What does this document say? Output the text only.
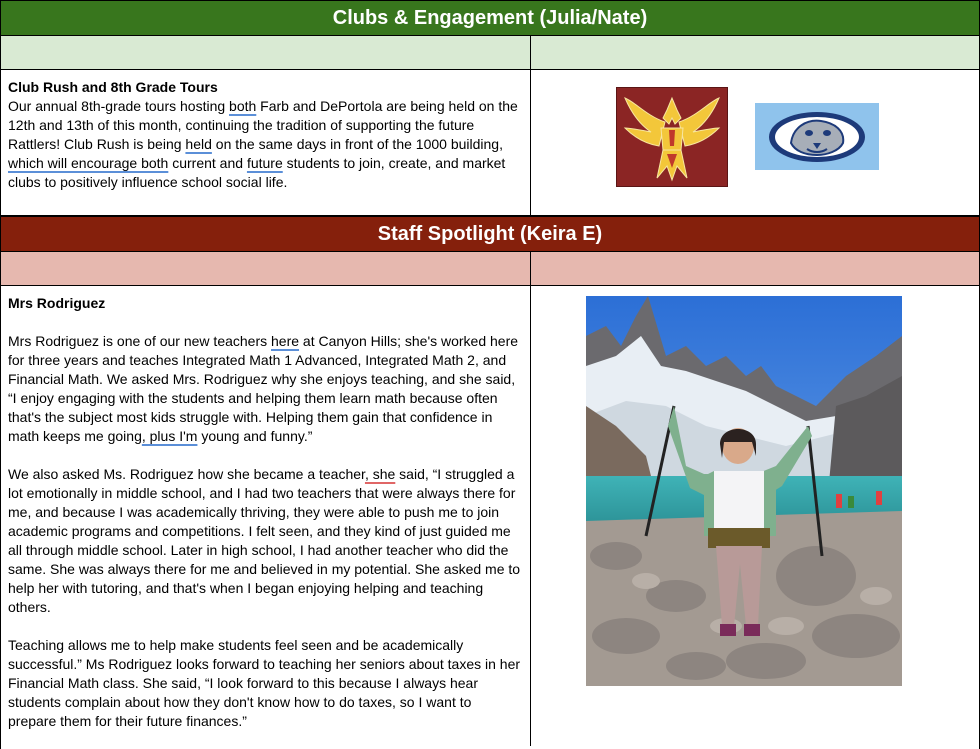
Clubs & Engagement (Julia/Nate)
Club Rush and 8th Grade Tours

Our annual 8th-grade tours hosting both Farb and DePortola are being held on the 12th and 13th of this month, continuing the tradition of supporting the future Rattlers! Club Rush is being held on the same days in front of the 1000 building, which will encourage both current and future students to join, create, and market clubs to positively influence school social life.

Staff Spotlight (Keira E)
Mrs Rodriguez

Mrs Rodriguez is one of our new teachers here at Canyon Hills; she's worked here for three years and teaches Integrated Math 1 Advanced, Integrated Math 2, and Financial Math. We asked Mrs. Rodriguez why she enjoys teaching, and she said, “I enjoy engaging with the students and helping them learn math because often that's the subject most kids struggle with. Helping them gain that confidence in math keeps me going, plus I'm young and funny.”

We also asked Ms. Rodriguez how she became a teacher, she said, “I struggled a lot emotionally in middle school, and I had two teachers that were always there for me, and because I was academically thriving, they were able to push me to join academic programs and competitions. I felt seen, and they kind of just guided me all through middle school. Later in high school, I had another teacher who did the same. She was always there for me and believed in my potential. She asked me to help her with tutoring, and that's when I began enjoying helping and teaching others.

Teaching allows me to help make students feel seen and be academically successful.” Ms Rodriguez looks forward to teaching her seniors about taxes in her Financial Math class. She said, “I look forward to this because I always hear students complain about how they don't know how to do taxes, so I want to prepare them for their future finances.”
